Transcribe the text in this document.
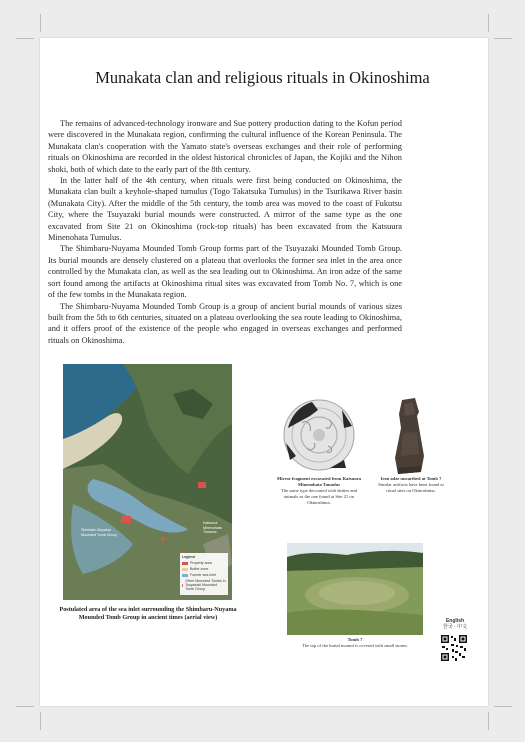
Munakata clan and religious rituals in Okinoshima

The remains of advanced-technology ironware and Sue pottery production dating to the Kofun period were discovered in the Munakata region, confirming the cultural influence of the Korean Peninsula. The Munakata clan's cooperation with the Yamato state's overseas exchanges and their role of performing rituals on Okinoshima are recorded in the oldest historical chronicles of Japan, the Kojiki and the Nihon shoki, both of which date to the early part of the 8th century.

In the latter half of the 4th century, when rituals were first being conducted on Okinoshima, the Munakata clan built a keyhole-shaped tumulus (Togo Takatsuka Tumulus) in the Tsurikawa River basin (Munakata City). After the middle of the 5th century, the tomb area was moved to the coast of Fukutsu City, where the Tsuyazaki burial mounds were constructed. A mirror of the same type as the one excavated from Site 21 on Okinoshima (rock-top rituals) has been excavated from the Katsuura Minenohata Tumulus.

The Shimbaru-Nuyama Mounded Tomb Group forms part of the Tsuyazaki Mounded Tomb Group. Its burial mounds are densely clustered on a plateau that overlooks the former sea inlet in the area once controlled by the Munakata clan, as well as the sea leading out to Okinoshima. An iron adze of the same sort found among the artifacts at Okinoshima ritual sites was excavated from Tomb No. 7, which is one of the few tombs in the Munakata region.

The Shimbaru-Nuyama Mounded Tomb Group is a group of ancient burial mounds of various sizes built from the 5th to 6th centuries, situated on a plateau overlooking the sea route leading to Okinoshima, and it offers proof of the existence of the people who engaged in overseas exchanges and performed rituals on Okinoshima.

Shimbaru-Nuyama Mounded Tomb Group
Katsuura Minenohata Tumulus
Legend
Property area
Buffer zone
Former sea inlet
Other Mounded Tombs in Tsuyazaki Mounded Tomb Group
Postulated area of the sea inlet surrounding the Shimbaru-Nuyama Mounded Tomb Group in ancient times (aerial view)
Mirror fragment excavated from Katsuura Minenohata Tumulus
The same type decorated with deities and animals as the one found at Site 21 on Okinoshima.
Iron adze unearthed at Tomb 7
Similar artifacts have been found at ritual sites on Okinoshima.
Tomb 7
The top of the burial mound is covered with small stones.
English
한국 · 中文
